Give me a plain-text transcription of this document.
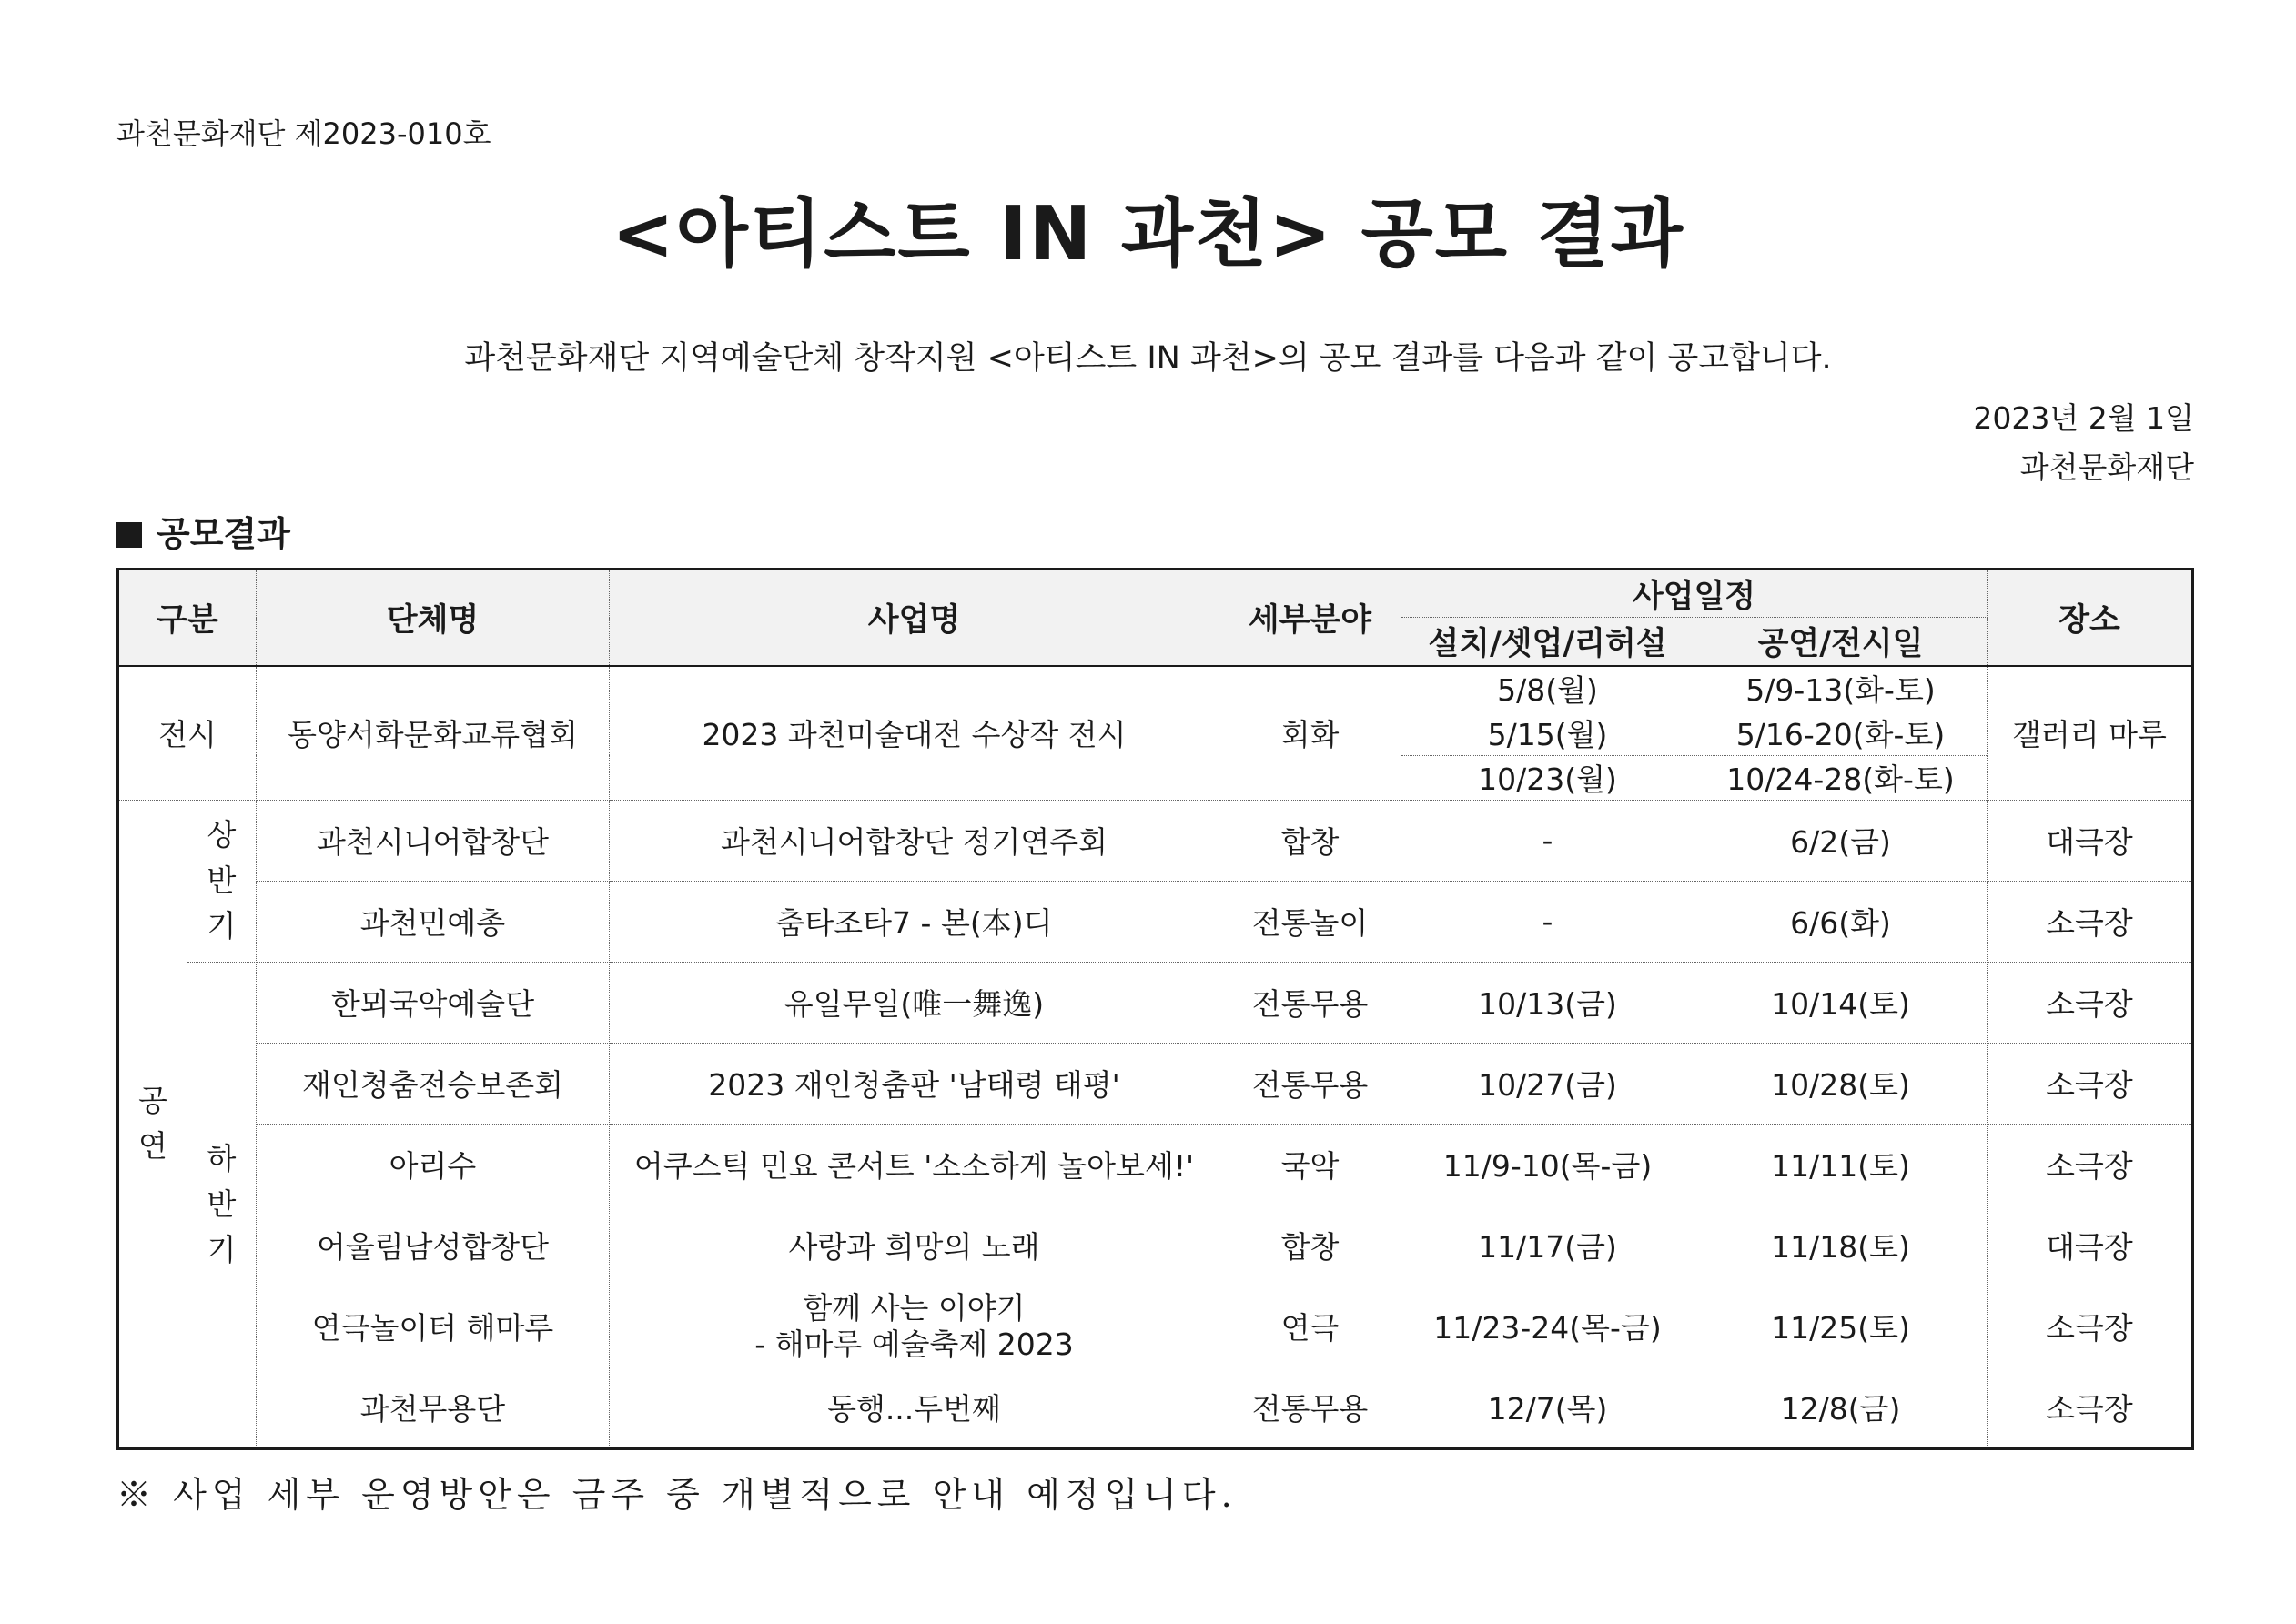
과천문화재단 제2023-010호
<아티스트 IN 과천> 공모 결과
과천문화재단 지역예술단체 창작지원 <아티스트 IN 과천>의 공모 결과를 다음과 같이 공고합니다.
2023년 2월 1일
과천문화재단
공모결과
구분		단체명	사업명	세부분야	사업일정		장소
					설치/셋업/리허설	공연/전시일	
전시		동양서화문화교류협회	2023 과천미술대전 수상작 전시	회화	5/8(월)	5/9-13(화-토)	갤러리 마루
					5/15(월)	5/16-20(화-토)	
					10/23(월)	10/24-28(화-토)	
공연	상반기	과천시니어합창단	과천시니어합창단 정기연주회	합창	-	6/2(금)	대극장
		과천민예총	춤타조타7 - 본(本)디	전통놀이	-	6/6(화)	소극장
	하반기	한뫼국악예술단	유일무일(唯一舞逸)	전통무용	10/13(금)	10/14(토)	소극장
		재인청춤전승보존회	2023 재인청춤판 '남태령 태평'	전통무용	10/27(금)	10/28(토)	소극장
		아리수	어쿠스틱 민요 콘서트 '소소하게 놀아보세!'	국악	11/9-10(목-금)	11/11(토)	소극장
		어울림남성합창단	사랑과 희망의 노래	합창	11/17(금)	11/18(토)	대극장
		연극놀이터 해마루	함께 사는 이야기
- 해마루 예술축제 2023	연극	11/23-24(목-금)	11/25(토)	소극장
		과천무용단	동행...두번째	전통무용	12/7(목)	12/8(금)	소극장
※ 사업 세부 운영방안은 금주 중 개별적으로 안내 예정입니다.
